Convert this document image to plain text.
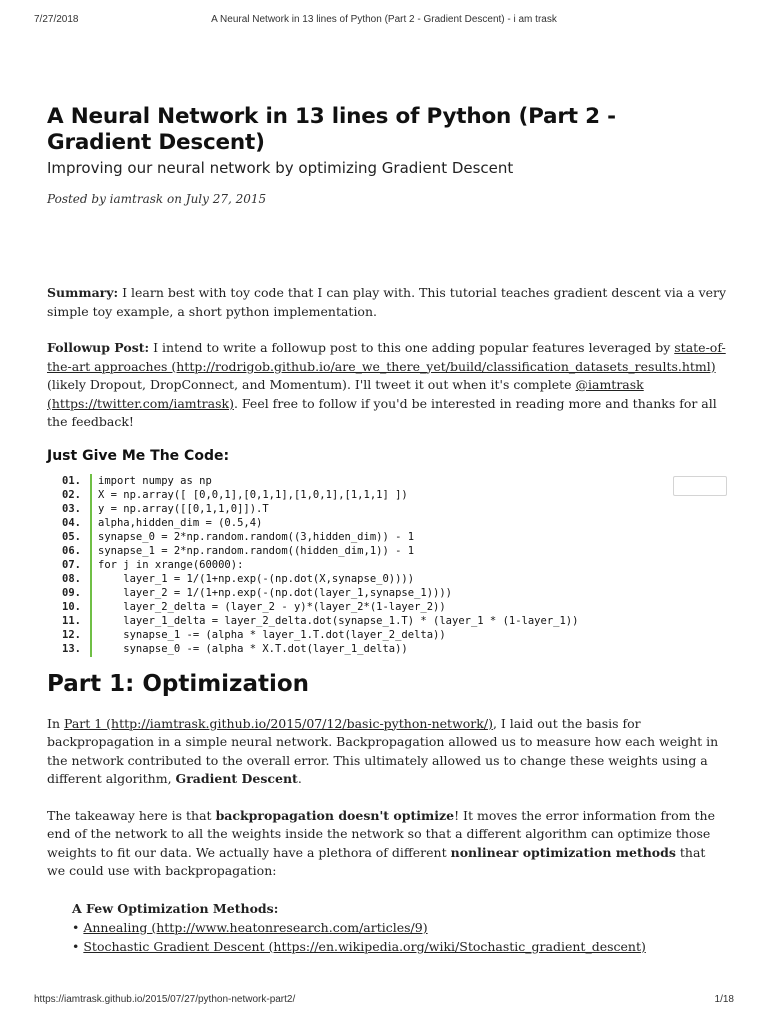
7/27/2018	A Neural Network in 13 lines of Python (Part 2 - Gradient Descent) - i am trask
A Neural Network in 13 lines of Python (Part 2 - Gradient Descent)
Improving our neural network by optimizing Gradient Descent
Posted by iamtrask on July 27, 2015

Summary: I learn best with toy code that I can play with. This tutorial teaches gradient descent via a very simple toy example, a short python implementation.

Followup Post: I intend to write a followup post to this one adding popular features leveraged by state-of-the-art approaches (http://rodrigob.github.io/are_we_there_yet/build/classification_datasets_results.html) (likely Dropout, DropConnect, and Momentum). I'll tweet it out when it's complete @iamtrask (https://twitter.com/iamtrask). Feel free to follow if you'd be interested in reading more and thanks for all the feedback!

Just Give Me The Code:
01. import numpy as np
02. X = np.array([ [0,0,1],[0,1,1],[1,0,1],[1,1,1] ])
03. y = np.array([[0,1,1,0]]).T
04. alpha,hidden_dim = (0.5,4)
05. synapse_0 = 2*np.random.random((3,hidden_dim)) - 1
06. synapse_1 = 2*np.random.random((hidden_dim,1)) - 1
07. for j in xrange(60000):
08.    layer_1 = 1/(1+np.exp(-(np.dot(X,synapse_0))))
09.    layer_2 = 1/(1+np.exp(-(np.dot(layer_1,synapse_1))))
10.    layer_2_delta = (layer_2 - y)*(layer_2*(1-layer_2))
11.    layer_1_delta = layer_2_delta.dot(synapse_1.T) * (layer_1 * (1-layer_1))
12.    synapse_1 -= (alpha * layer_1.T.dot(layer_2_delta))
13.    synapse_0 -= (alpha * X.T.dot(layer_1_delta))
Part 1: Optimization

In Part 1 (http://iamtrask.github.io/2015/07/12/basic-python-network/), I laid out the basis for backpropagation in a simple neural network. Backpropagation allowed us to measure how each weight in the network contributed to the overall error. This ultimately allowed us to change these weights using a different algorithm, Gradient Descent.

The takeaway here is that backpropagation doesn't optimize! It moves the error information from the end of the network to all the weights inside the network so that a different algorithm can optimize those weights to fit our data. We actually have a plethora of different nonlinear optimization methods that we could use with backpropagation:

A Few Optimization Methods:
• Annealing (http://www.heatonresearch.com/articles/9)
• Stochastic Gradient Descent (https://en.wikipedia.org/wiki/Stochastic_gradient_descent)
https://iamtrask.github.io/2015/07/27/python-network-part2/	1/18
